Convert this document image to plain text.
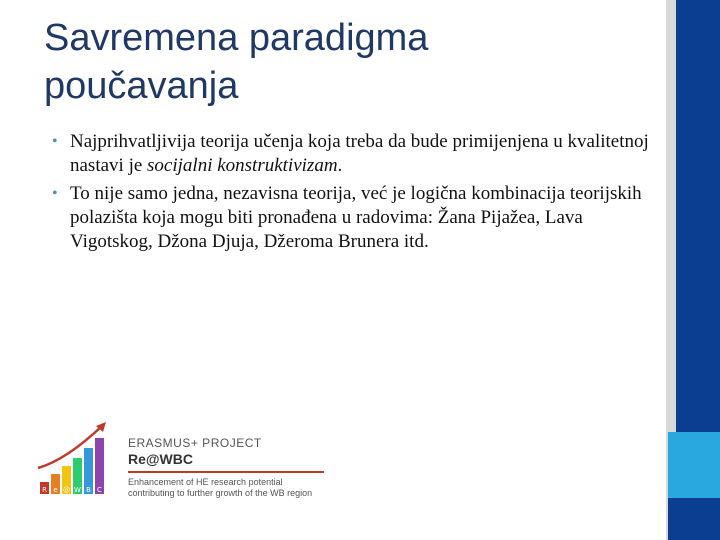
Savremena paradigma
poučavanja
• Najprihvatljivija teorija učenja koja treba da bude primijenjena u kvalitetnoj nastavi je socijalni konstruktivizam.
• To nije samo jedna, nezavisna teorija, već je logična kombinacija teorijskih polazišta koja mogu biti pronađena u radovima: Žana Pijažea, Lava Vigotskog, Džona Djuja, Džeroma Brunera itd.
R e @ W B C
ERASMUS+ PROJECT
Re@WBC
Enhancement of HE research potential
contributing to further growth of the WB region
